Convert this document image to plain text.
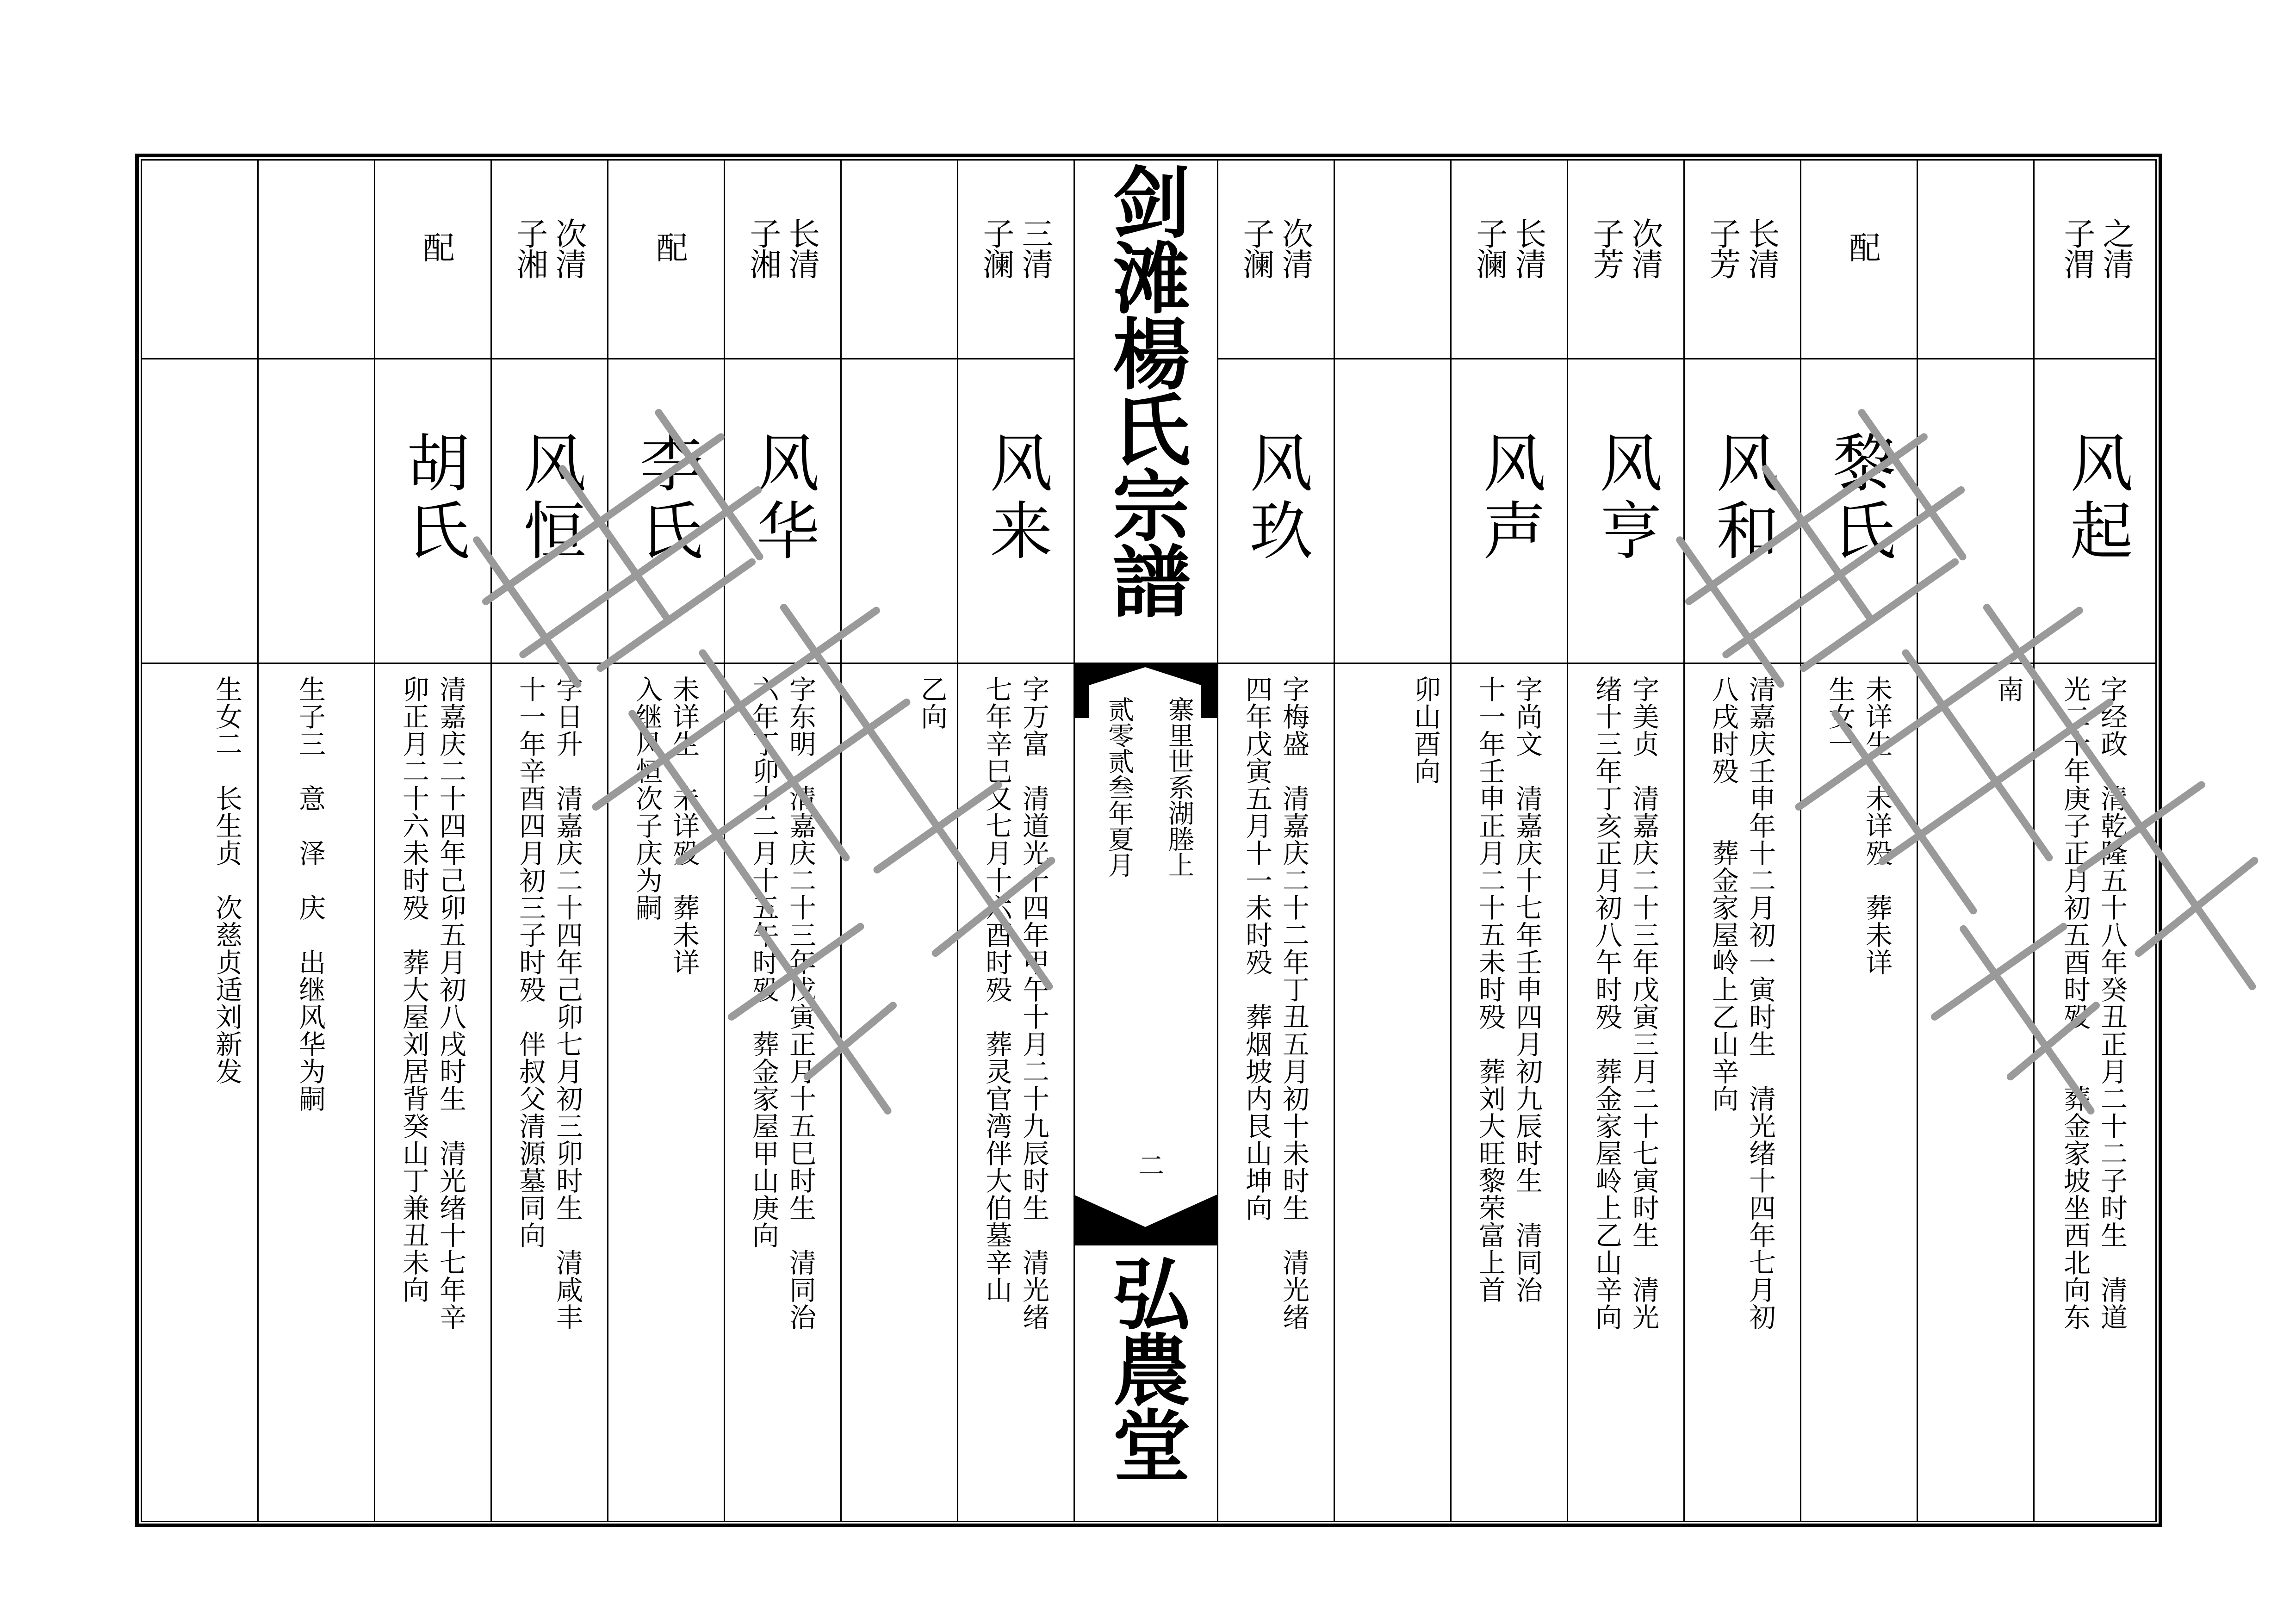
剑滩楊氏宗譜
寨里世系湖塍上
贰零贰叁年夏月
二
弘農堂
之清
子渭
风起
字经政　清乾隆五十八年癸丑正月二十二子时生　清道
光二十年庚子正月初五酉时殁　　葬金家坡坐西北向东
南
配
黎氏
未详生　未详殁　葬未详
生女一
长清
子芳
风和
清嘉庆壬申年十二月初一寅时生　清光绪十四年七月初
八戌时殁　　葬金家屋岭上乙山辛向
次清
子芳
风亨
字美贞　清嘉庆二十三年戊寅三月二十七寅时生　清光
绪十三年丁亥正月初八午时殁　葬金家屋岭上乙山辛向
长清
子澜
风声
字尚文　清嘉庆十七年壬申四月初九辰时生　清同治
十一年壬申正月二十五未时殁　葬刘大旺黎荣富上首
卯山酉向
次清
子澜
风玖
字梅盛　清嘉庆二十二年丁丑五月初十未时生　清光绪
四年戊寅五月十一未时殁　葬烟坡内艮山坤向
三清
子澜
风来
字万富　清道光十四年甲午十月二十九辰时生　清光绪
七年辛巳又七月十六酉时殁　葬灵官湾伴大伯墓辛山
乙向
长清
子湘
风华
字东明　清嘉庆二十三年戊寅正月十五巳时生　清同治
六年丁卯十二月十五午时殁　葬金家屋甲山庚向
配
李氏
未详生　未详殁　葬未详
入继风恒次子庆为嗣
次清
子湘
风恒
字日升　清嘉庆二十四年己卯七月初三卯时生　清咸丰
十一年辛酉四月初三子时殁　伴叔父清源墓同向
配
胡氏
清嘉庆二十四年己卯五月初八戌时生　清光绪十七年辛
卯正月二十六未时殁　葬大屋刘居背癸山丁兼丑未向
生子三　意　泽　庆　出继风华为嗣
生女二　长生贞　次慈贞适刘新发
